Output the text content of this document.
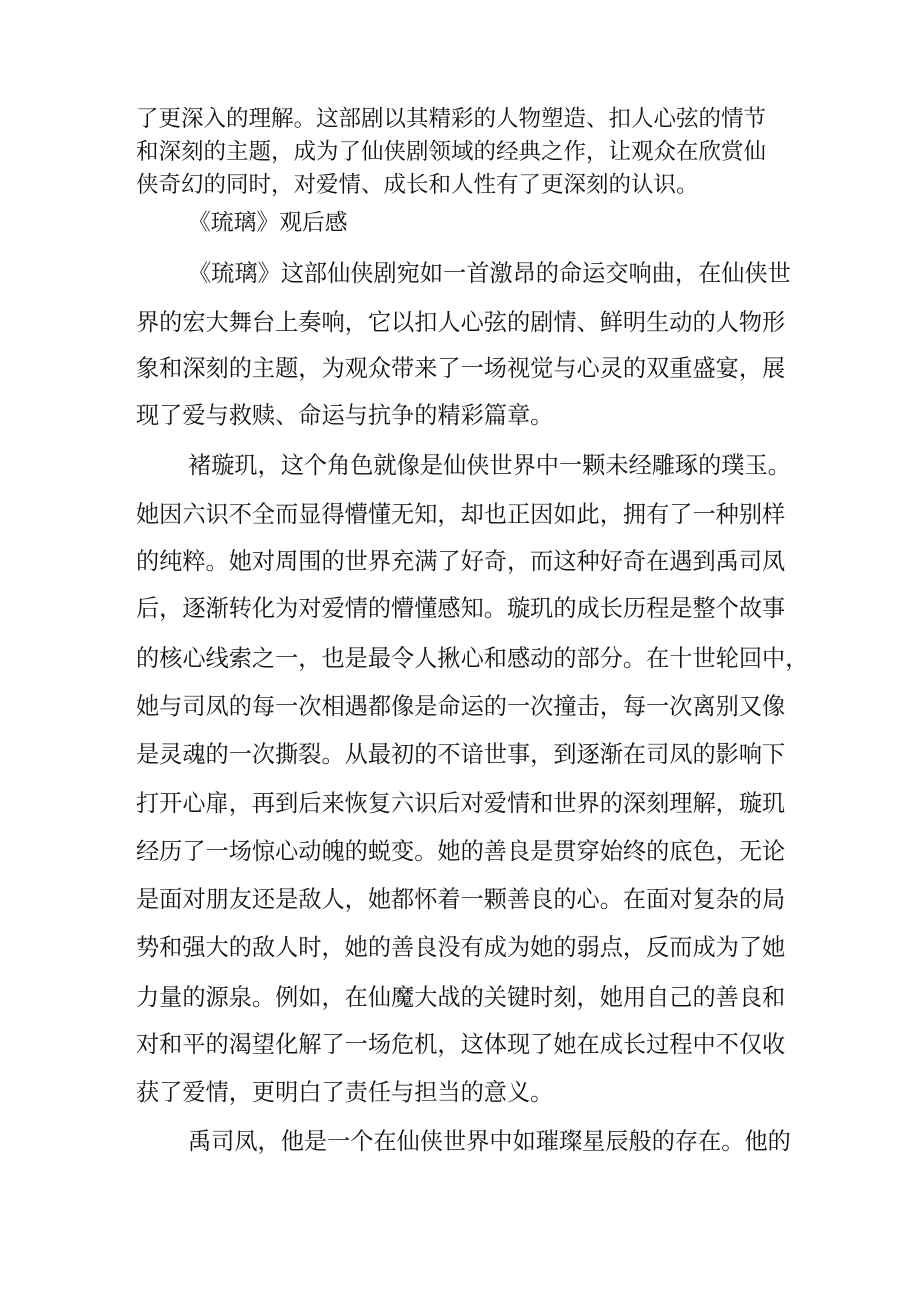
了更深入的理解。这部剧以其精彩的人物塑造、扣人心弦的情节

和深刻的主题，成为了仙侠剧领域的经典之作，让观众在欣赏仙

侠奇幻的同时，对爱情、成长和人性有了更深刻的认识。

《琉璃》观后感

《琉璃》这部仙侠剧宛如一首激昂的命运交响曲，在仙侠世

界的宏大舞台上奏响，它以扣人心弦的剧情、鲜明生动的人物形

象和深刻的主题，为观众带来了一场视觉与心灵的双重盛宴，展

现了爱与救赎、命运与抗争的精彩篇章。

褚璇玑，这个角色就像是仙侠世界中一颗未经雕琢的璞玉。

她因六识不全而显得懵懂无知，却也正因如此，拥有了一种别样

的纯粹。她对周围的世界充满了好奇，而这种好奇在遇到禹司凤

后，逐渐转化为对爱情的懵懂感知。璇玑的成长历程是整个故事

的核心线索之一，也是最令人揪心和感动的部分。在十世轮回中，

她与司凤的每一次相遇都像是命运的一次撞击，每一次离别又像

是灵魂的一次撕裂。从最初的不谙世事，到逐渐在司凤的影响下

打开心扉，再到后来恢复六识后对爱情和世界的深刻理解，璇玑

经历了一场惊心动魄的蜕变。她的善良是贯穿始终的底色，无论

是面对朋友还是敌人，她都怀着一颗善良的心。在面对复杂的局

势和强大的敌人时，她的善良没有成为她的弱点，反而成为了她

力量的源泉。例如，在仙魔大战的关键时刻，她用自己的善良和

对和平的渴望化解了一场危机，这体现了她在成长过程中不仅收

获了爱情，更明白了责任与担当的意义。

禹司凤，他是一个在仙侠世界中如璀璨星辰般的存在。他的
